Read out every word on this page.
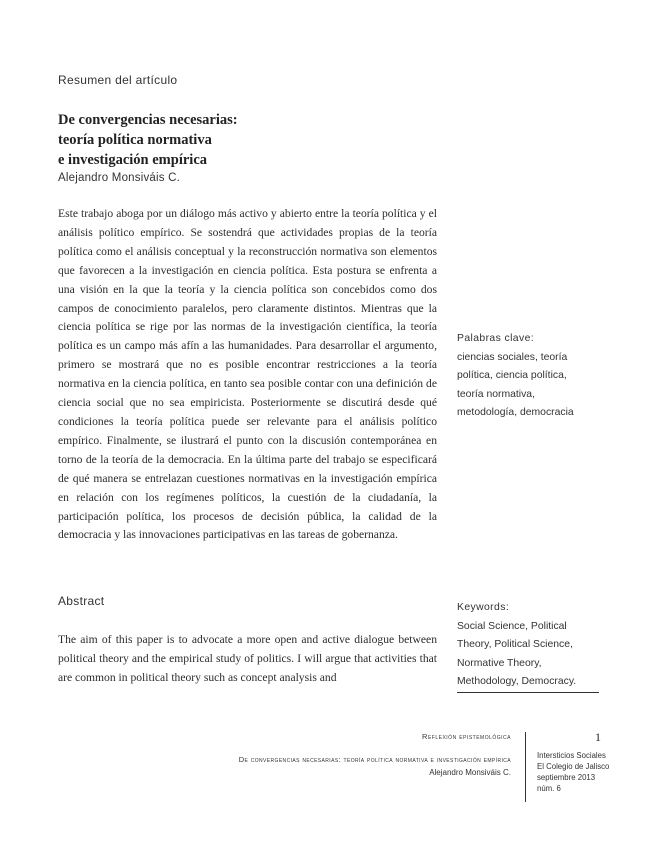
Resumen del artículo
De convergencias necesarias:
teoría política normativa
e investigación empírica
Alejandro Monsiváis C.

Este trabajo aboga por un diálogo más activo y abierto entre la teoría política y el análisis político empírico. Se sostendrá que actividades propias de la teoría política como el análisis conceptual y la reconstrucción normativa son elementos que favorecen a la investigación en ciencia política. Esta postura se enfrenta a una visión en la que la teoría y la ciencia política son concebidos como dos campos de conocimiento paralelos, pero claramente distintos. Mientras que la ciencia política se rige por las normas de la investigación científica, la teoría política es un campo más afín a las humanidades. Para desarrollar el argumento, primero se mostrará que no es posible encontrar restricciones a la teoría normativa en la ciencia política, en tanto sea posible contar con una definición de ciencia social que no sea empiricista. Posteriormente se discutirá desde qué condiciones la teoría política puede ser relevante para el análisis político empírico. Finalmente, se ilustrará el punto con la discusión contemporánea en torno de la teoría de la democracia. En la última parte del trabajo se especificará de qué manera se entrelazan cuestiones normativas en la investigación empírica en relación con los regímenes políticos, la cuestión de la ciudadanía, la participación política, los procesos de decisión pública, la calidad de la democracia y las innovaciones participativas en las tareas de gobernanza.

Palabras clave:
ciencias sociales, teoría
política, ciencia política,
teoría normativa,
metodología, democracia
Abstract

The aim of this paper is to advocate a more open and active dialogue between political theory and the empirical study of politics. I will argue that activities that are common in political theory such as concept analysis and

Keywords:
Social Science, Political
Theory, Political Science,
Normative Theory,
Methodology, Democracy.
Reflexión epistemológica
De convergencias necesarias: teoría política normativa e investigación empírica
Alejandro Monsiváis C.
1
Intersticios Sociales
El Colegio de Jalisco
septiembre 2013
núm. 6
